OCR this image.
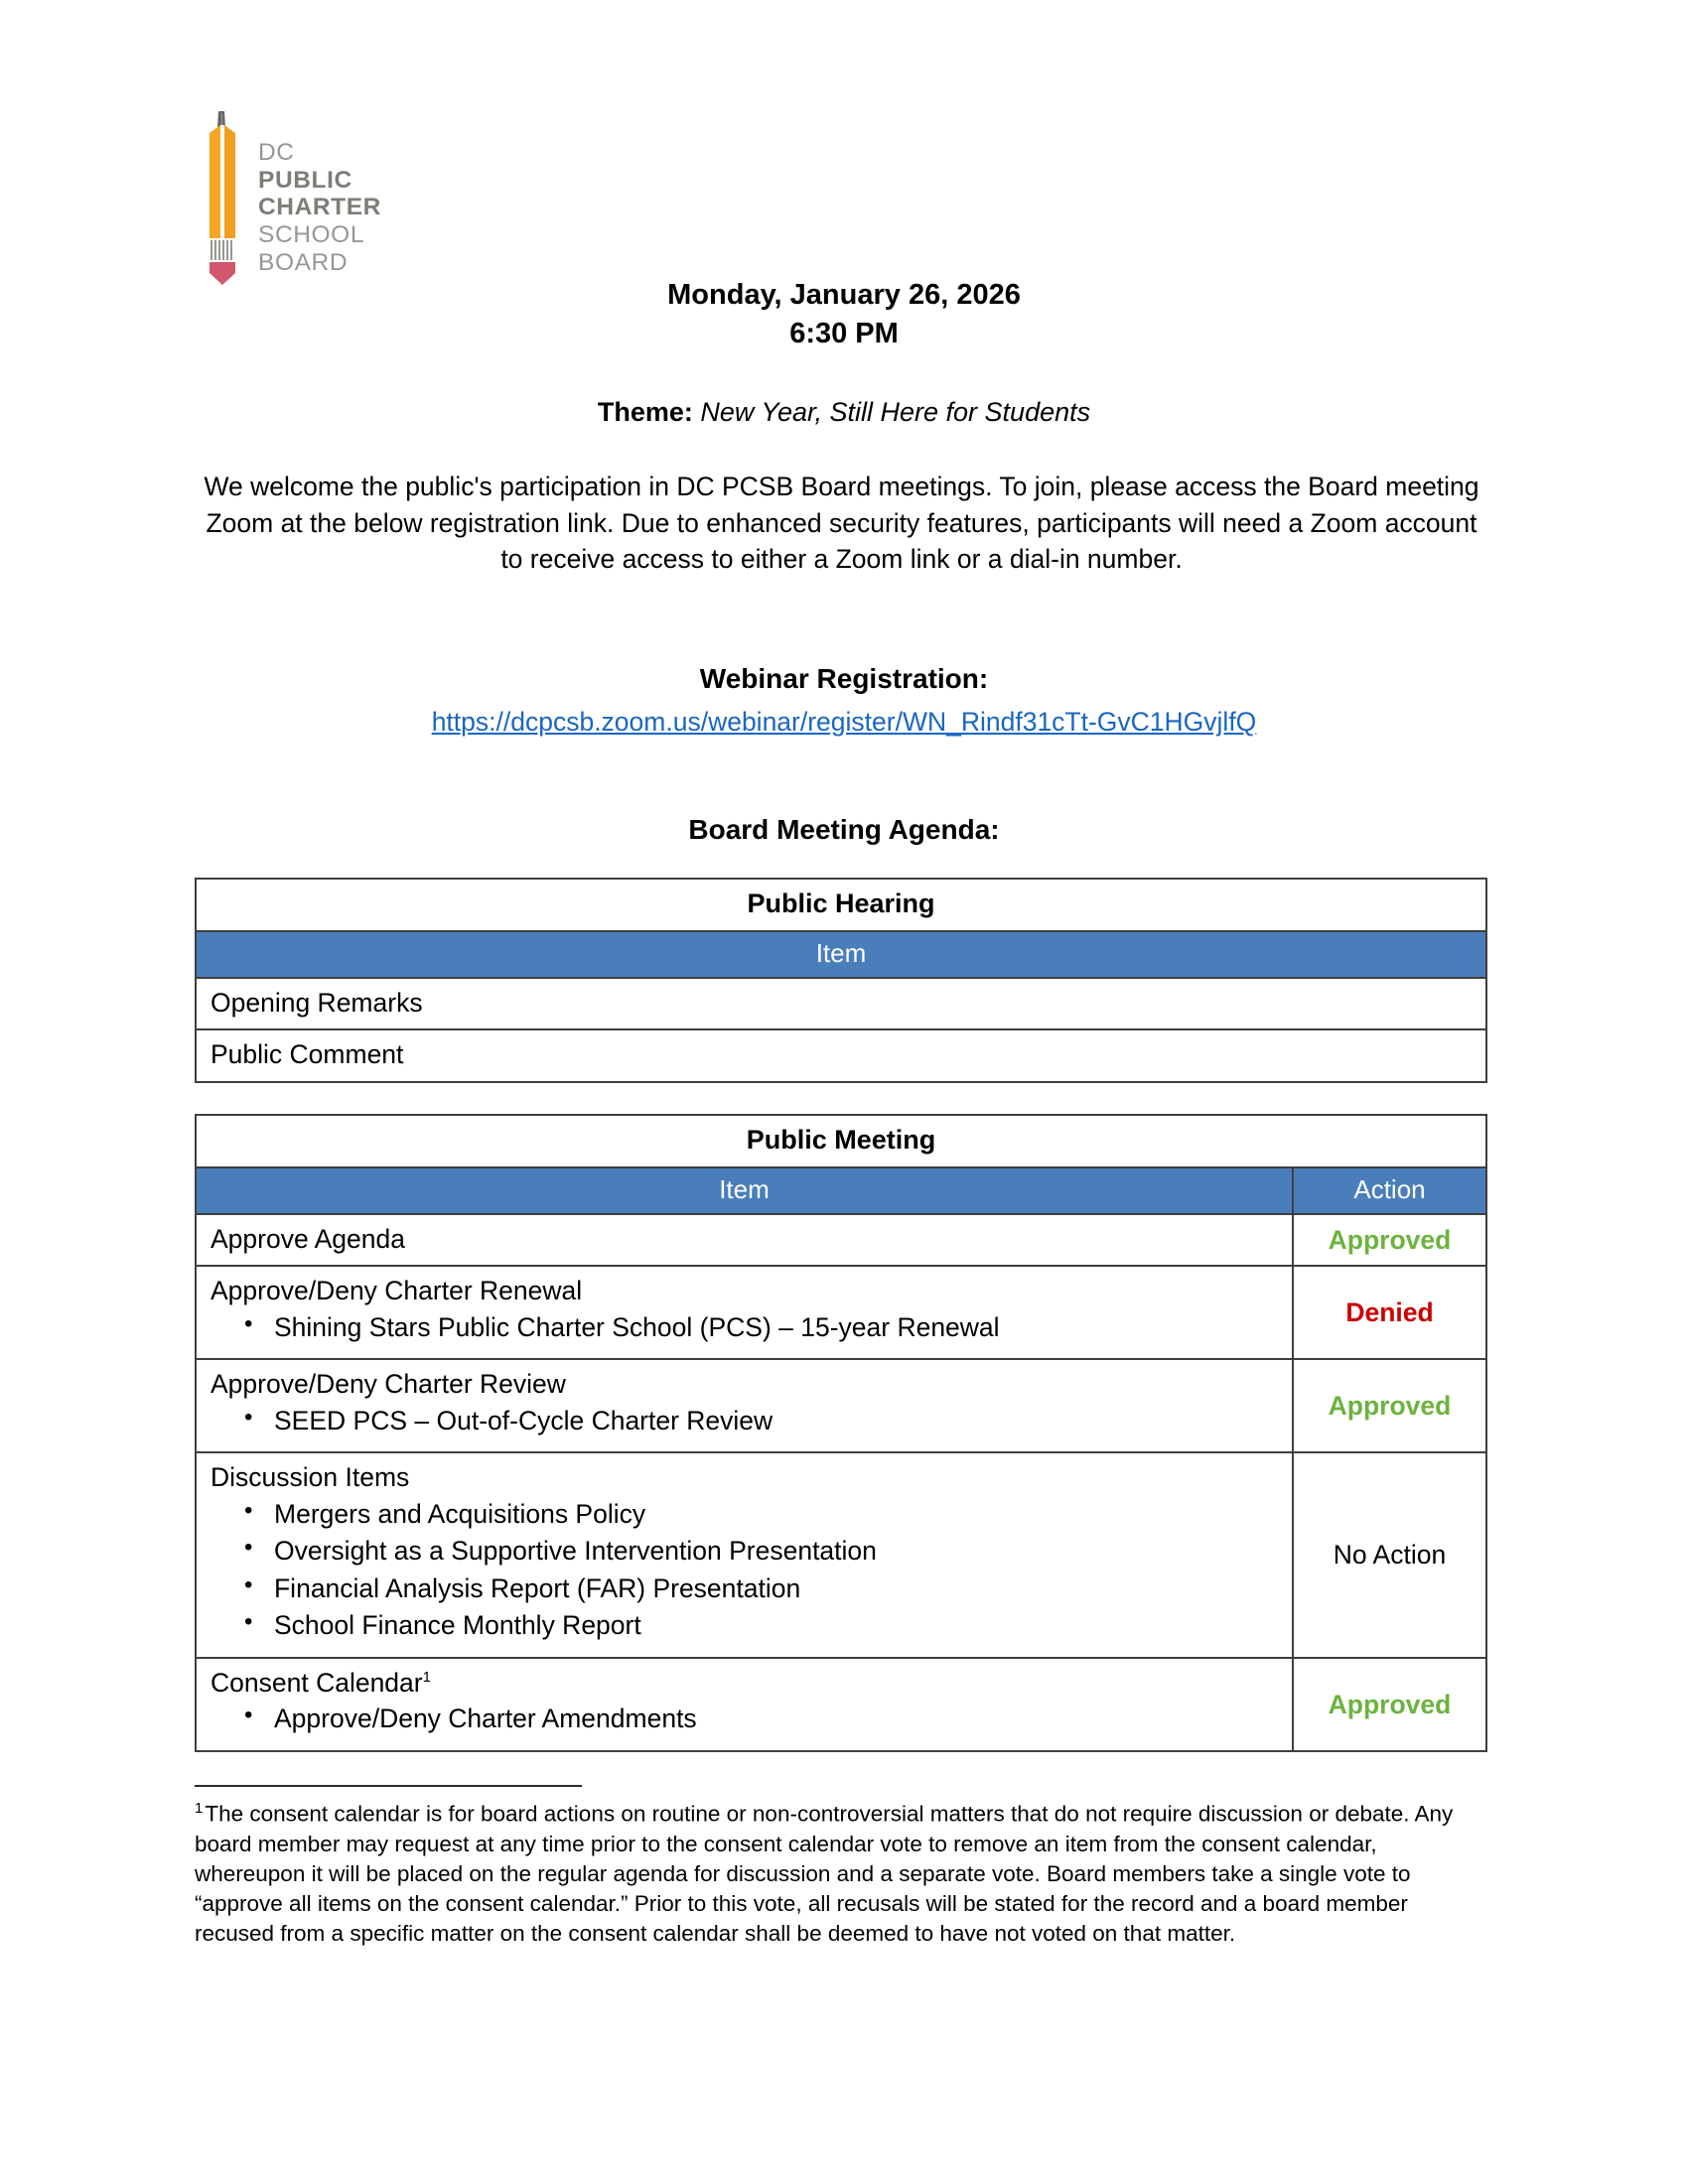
DC
PUBLIC
CHARTER
SCHOOL
BOARD
Monday, January 26, 2026
6:30 PM
Theme: New Year, Still Here for Students
We welcome the public's participation in DC PCSB Board meetings. To join, please access the Board meeting Zoom at the below registration link. Due to enhanced security features, participants will need a Zoom account to receive access to either a Zoom link or a dial-in number.
Webinar Registration:
https://dcpcsb.zoom.us/webinar/register/WN_Rindf31cTt-GvC1HGvjlfQ
Board Meeting Agenda:
Public Hearing
Item
Opening Remarks
Public Comment
Public Meeting	
Item	Action
Approve Agenda	Approved
Approve/Deny Charter Renewal
• Shining Stars Public Charter School (PCS) – 15-year Renewal	Denied
Approve/Deny Charter Review
• SEED PCS – Out-of-Cycle Charter Review	Approved
Discussion Items
• Mergers and Acquisitions Policy
• Oversight as a Supportive Intervention Presentation
• Financial Analysis Report (FAR) Presentation
• School Finance Monthly Report
	No Action
Consent Calendar$^1$
• Approve/Deny Charter Amendments	Approved
$^1$The consent calendar is for board actions on routine or non-controversial matters that do not require discussion or debate. Any board member may request at any time prior to the consent calendar vote to remove an item from the consent calendar, whereupon it will be placed on the regular agenda for discussion and a separate vote. Board members take a single vote to “approve all items on the consent calendar.” Prior to this vote, all recusals will be stated for the record and a board member recused from a specific matter on the consent calendar shall be deemed to have not voted on that matter.
